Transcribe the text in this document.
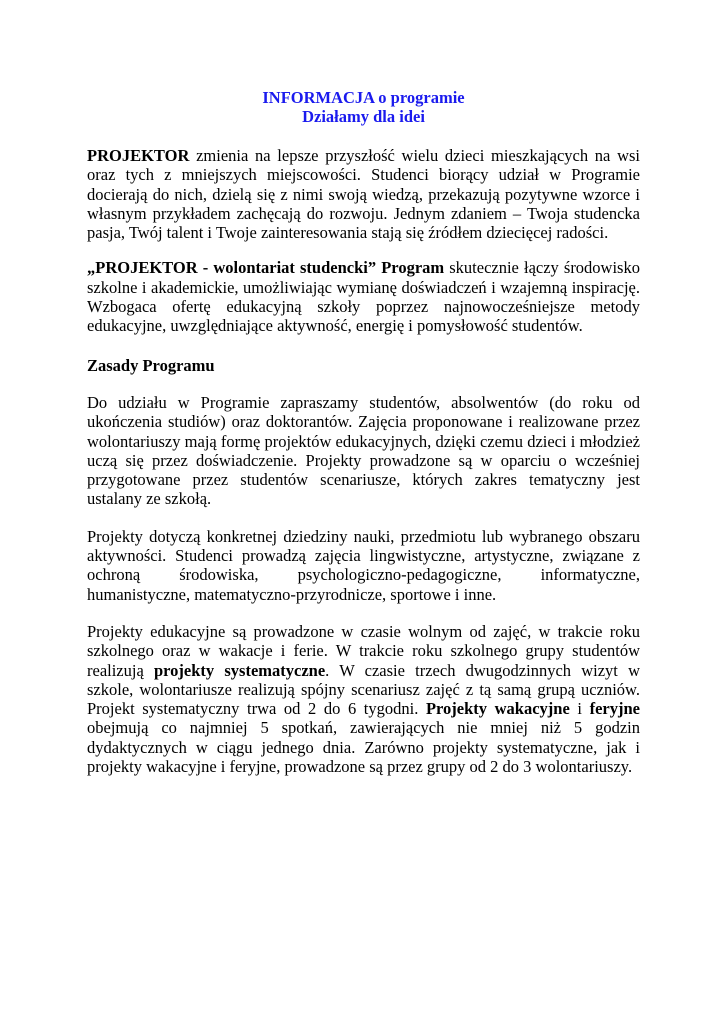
INFORMACJA o programie
Działamy dla idei

PROJEKTOR zmienia na lepsze przyszłość wielu dzieci mieszkających na wsi oraz tych z mniejszych miejscowości. Studenci biorący udział w Programie docierają do nich, dzielą się z nimi swoją wiedzą, przekazują pozytywne wzorce i własnym przykładem zachęcają do rozwoju. Jednym zdaniem – Twoja studencka pasja, Twój talent i Twoje zainteresowania stają się źródłem dziecięcej radości.

„PROJEKTOR - wolontariat studencki” Program skutecznie łączy środowisko szkolne i akademickie, umożliwiając wymianę doświadczeń i wzajemną inspirację. Wzbogaca ofertę edukacyjną szkoły poprzez najnowocześniejsze metody edukacyjne, uwzględniające aktywność, energię i pomysłowość studentów.

Zasady Programu

Do udziału w Programie zapraszamy studentów, absolwentów (do roku od ukończenia studiów) oraz doktorantów. Zajęcia proponowane i realizowane przez wolontariuszy mają formę projektów edukacyjnych, dzięki czemu dzieci i młodzież uczą się przez doświadczenie. Projekty prowadzone są w oparciu o wcześniej przygotowane przez studentów scenariusze, których zakres tematyczny jest ustalany ze szkołą.

Projekty dotyczą konkretnej dziedziny nauki, przedmiotu lub wybranego obszaru aktywności. Studenci prowadzą zajęcia lingwistyczne, artystyczne, związane z ochroną środowiska, psychologiczno-pedagogiczne, informatyczne, humanistyczne, matematyczno-przyrodnicze, sportowe i inne.

Projekty edukacyjne są prowadzone w czasie wolnym od zajęć, w trakcie roku szkolnego oraz w wakacje i ferie. W trakcie roku szkolnego grupy studentów realizują projekty systematyczne. W czasie trzech dwugodzinnych wizyt w szkole, wolontariusze realizują spójny scenariusz zajęć z tą samą grupą uczniów. Projekt systematyczny trwa od 2 do 6 tygodni. Projekty wakacyjne i feryjne obejmują co najmniej 5 spotkań, zawierających nie mniej niż 5 godzin dydaktycznych w ciągu jednego dnia. Zarówno projekty systematyczne, jak i projekty wakacyjne i feryjne, prowadzone są przez grupy od 2 do 3 wolontariuszy.
